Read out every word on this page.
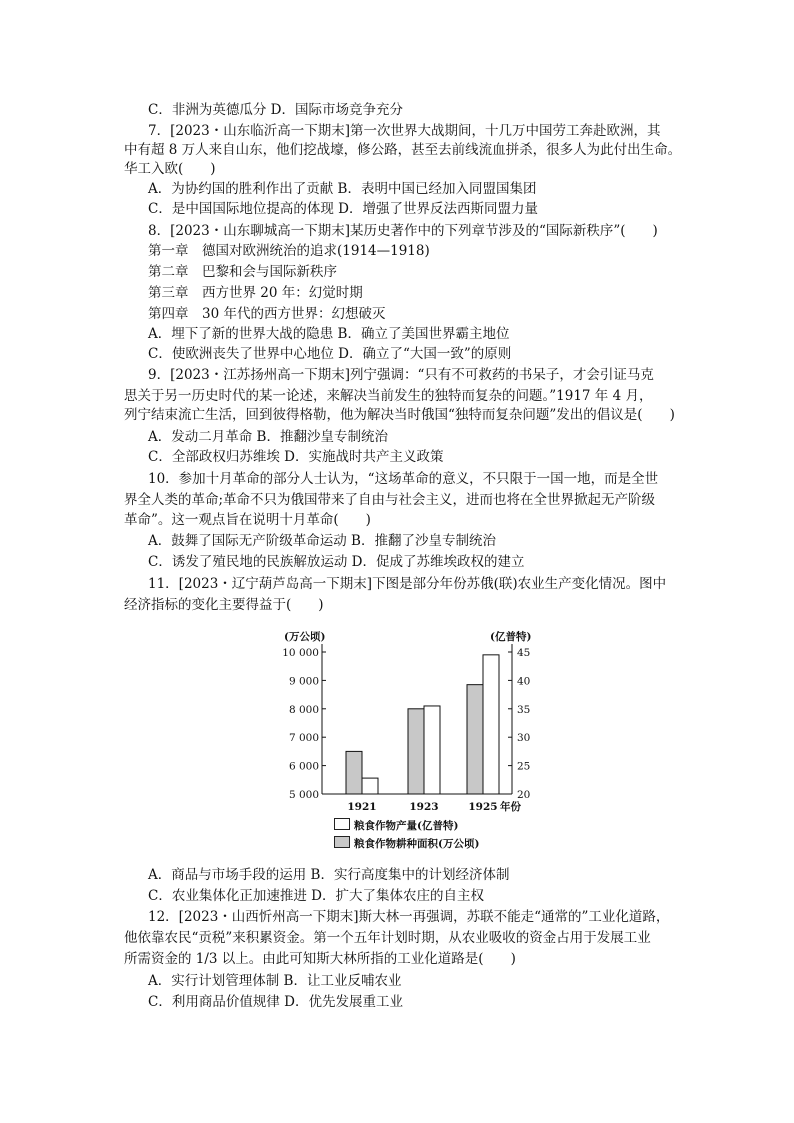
C．非洲为英德瓜分 D．国际市场竞争充分
7．[2023・山东临沂高一下期末]第一次世界大战期间，十几万中国劳工奔赴欧洲，其
中有超 8 万人来自山东，他们挖战壕，修公路，甚至去前线流血拼杀，很多人为此付出生命。
华工入欧(　　)
A．为协约国的胜利作出了贡献 B．表明中国已经加入同盟国集团
C．是中国国际地位提高的体现 D．增强了世界反法西斯同盟力量
8．[2023・山东聊城高一下期末]某历史著作中的下列章节涉及的“国际新秩序”(　　)
第一章　德国对欧洲统治的追求(1914—1918)
第二章　巴黎和会与国际新秩序
第三章　西方世界 20 年：幻觉时期
第四章　30 年代的西方世界：幻想破灭
A．埋下了新的世界大战的隐患 B．确立了美国世界霸主地位
C．使欧洲丧失了世界中心地位 D．确立了“大国一致”的原则
9．[2023・江苏扬州高一下期末]列宁强调：“只有不可救药的书呆子，才会引证马克
思关于另一历史时代的某一论述，来解决当前发生的独特而复杂的问题。”1917 年 4 月，
列宁结束流亡生活，回到彼得格勒，他为解决当时俄国“独特而复杂问题”发出的倡议是(　　)
A．发动二月革命 B．推翻沙皇专制统治
C．全部政权归苏维埃 D．实施战时共产主义政策
10．参加十月革命的部分人士认为，“这场革命的意义，不只限于一国一地，而是全世
界全人类的革命;革命不只为俄国带来了自由与社会主义，进而也将在全世界掀起无产阶级
革命”。这一观点旨在说明十月革命(　　)
A．鼓舞了国际无产阶级革命运动 B．推翻了沙皇专制统治
C．诱发了殖民地的民族解放运动 D．促成了苏维埃政权的建立
11．[2023・辽宁葫芦岛高一下期末]下图是部分年份苏俄(联)农业生产变化情况。图中
经济指标的变化主要得益于(　　)
5 000
6 000
7 000
8 000
9 000
10 000
20
25
30
35
40
45
(万公顷)	(亿普特)
1921	1923	1925 年份
粮食作物产量(亿普特)
粮食作物耕种面积(万公顷)
A．商品与市场手段的运用 B．实行高度集中的计划经济体制
C．农业集体化正加速推进 D．扩大了集体农庄的自主权
12．[2023・山西忻州高一下期末]斯大林一再强调，苏联不能走“通常的”工业化道路，
他依靠农民“贡税”来积累资金。第一个五年计划时期，从农业吸收的资金占用于发展工业
所需资金的 1/3 以上。由此可知斯大林所指的工业化道路是(　　)
A．实行计划管理体制 B．让工业反哺农业
C．利用商品价值规律 D．优先发展重工业
